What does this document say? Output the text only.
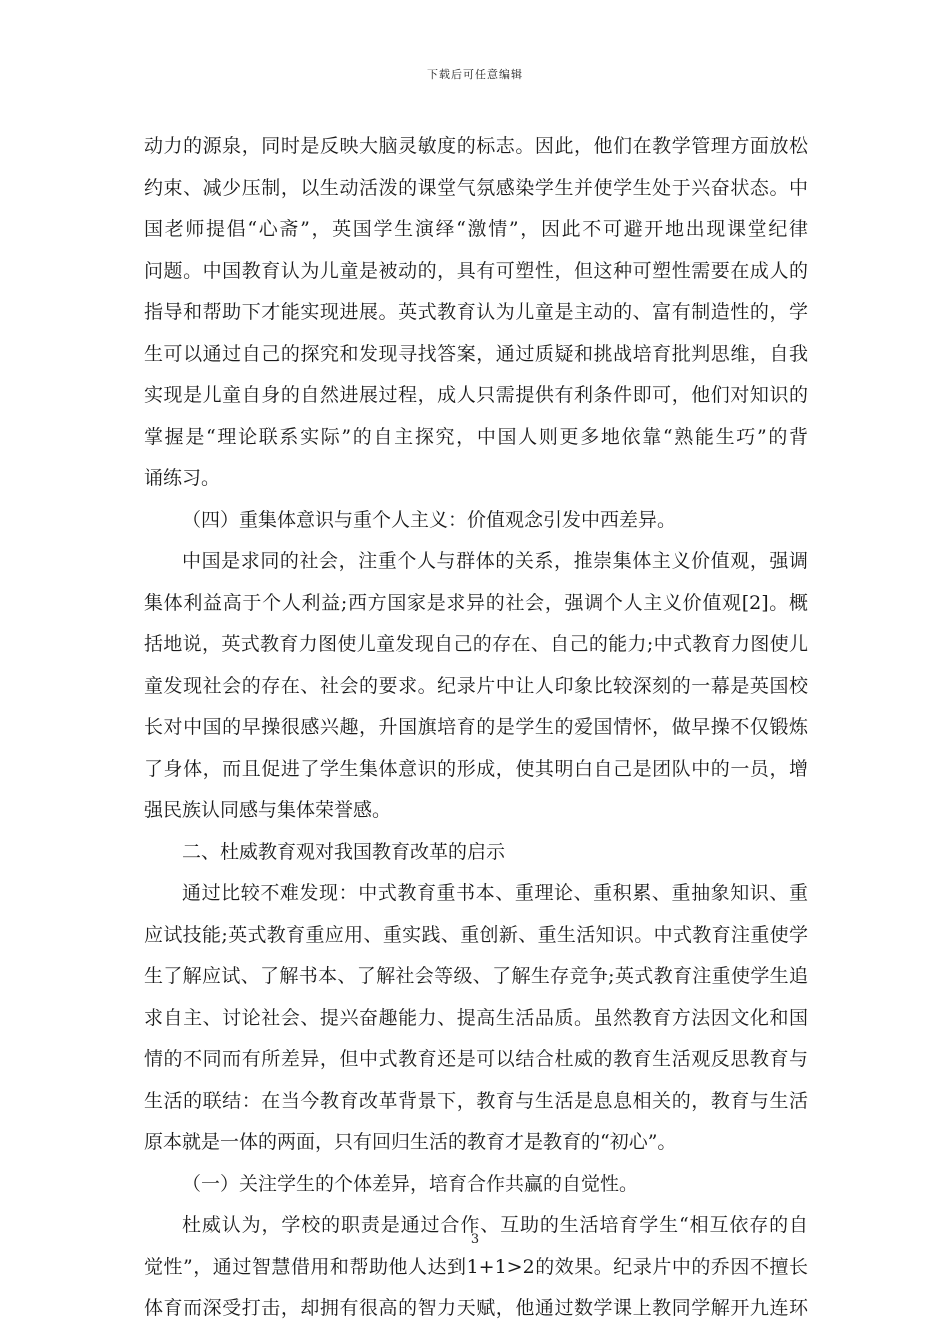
下载后可任意编辑
动力的源泉，同时是反映大脑灵敏度的标志。因此，他们在教学管理方面放松
约束、减少压制，以生动活泼的课堂气氛感染学生并使学生处于兴奋状态。中
国老师提倡“心斋”，英国学生演绎“激情”，因此不可避开地出现课堂纪律
问题。中国教育认为儿童是被动的，具有可塑性，但这种可塑性需要在成人的
指导和帮助下才能实现进展。英式教育认为儿童是主动的、富有制造性的，学
生可以通过自己的探究和发现寻找答案，通过质疑和挑战培育批判思维，自我
实现是儿童自身的自然进展过程，成人只需提供有利条件即可，他们对知识的
掌握是“理论联系实际”的自主探究，中国人则更多地依靠“熟能生巧”的背
诵练习。
（四）重集体意识与重个人主义：价值观念引发中西差异。
中国是求同的社会，注重个人与群体的关系，推崇集体主义价值观，强调
集体利益高于个人利益;西方国家是求异的社会，强调个人主义价值观[2]。概
括地说，英式教育力图使儿童发现自己的存在、自己的能力;中式教育力图使儿
童发现社会的存在、社会的要求。纪录片中让人印象比较深刻的一幕是英国校
长对中国的早操很感兴趣，升国旗培育的是学生的爱国情怀，做早操不仅锻炼
了身体，而且促进了学生集体意识的形成，使其明白自己是团队中的一员，增
强民族认同感与集体荣誉感。
二、杜威教育观对我国教育改革的启示
通过比较不难发现：中式教育重书本、重理论、重积累、重抽象知识、重
应试技能;英式教育重应用、重实践、重创新、重生活知识。中式教育注重使学
生了解应试、了解书本、了解社会等级、了解生存竞争;英式教育注重使学生追
求自主、讨论社会、提兴奋趣能力、提高生活品质。虽然教育方法因文化和国
情的不同而有所差异，但中式教育还是可以结合杜威的教育生活观反思教育与
生活的联结：在当今教育改革背景下，教育与生活是息息相关的，教育与生活
原本就是一体的两面，只有回归生活的教育才是教育的“初心”。
（一）关注学生的个体差异，培育合作共赢的自觉性。
杜威认为，学校的职责是通过合作、互助的生活培育学生“相互依存的自
觉性”，通过智慧借用和帮助他人达到1+1>2的效果。纪录片中的乔因不擅长
体育而深受打击，却拥有很高的智力天赋，他通过数学课上教同学解开九连环
3
